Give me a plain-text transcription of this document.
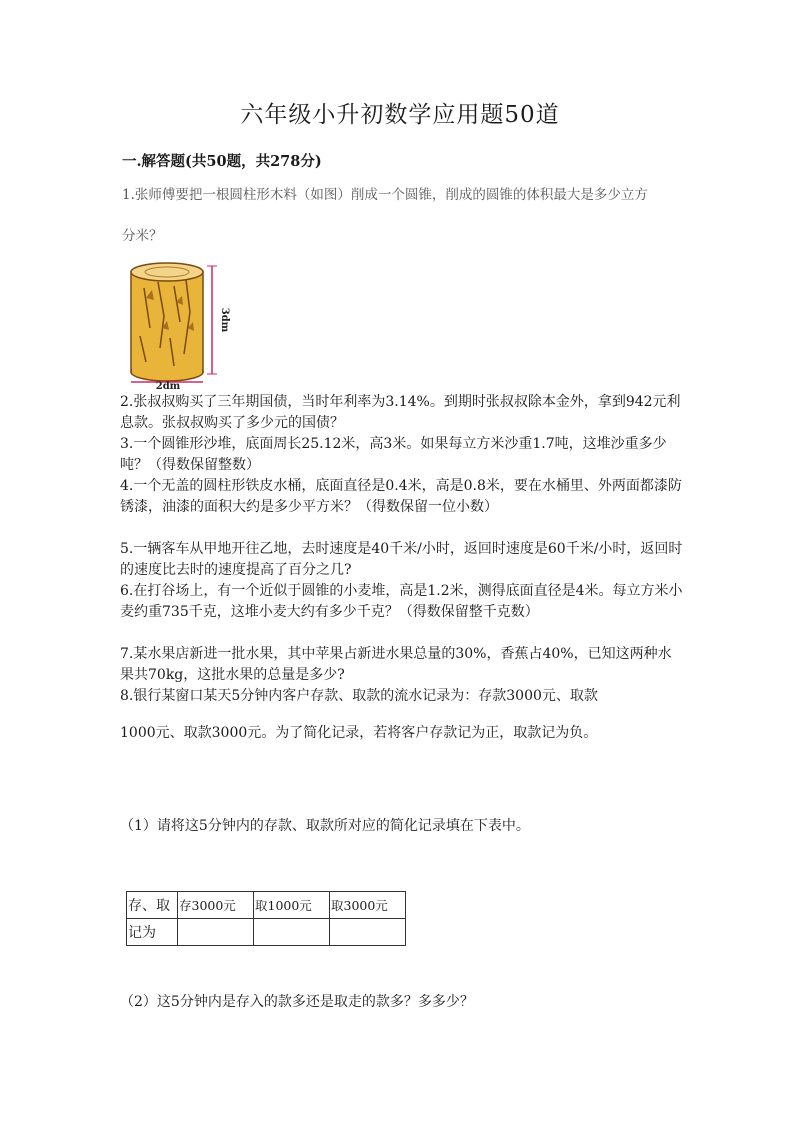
六年级小升初数学应用题50道
一.解答题(共50题，共278分)
1.张师傅要把一根圆柱形木料（如图）削成一个圆锥，削成的圆锥的体积最大是多少立方
分米？
3dm
2dm
2.张叔叔购买了三年期国债，当时年利率为3.14%。到期时张叔叔除本金外，拿到942元利息款。张叔叔购买了多少元的国债？
3.一个圆锥形沙堆，底面周长25.12米，高3米。如果每立方米沙重1.7吨，这堆沙重多少吨？（得数保留整数）
4.一个无盖的圆柱形铁皮水桶，底面直径是0.4米，高是0.8米，要在水桶里、外两面都漆防锈漆，油漆的面积大约是多少平方米？（得数保留一位小数）
5.一辆客车从甲地开往乙地，去时速度是40千米/小时，返回时速度是60千米/小时，返回时的速度比去时的速度提高了百分之几?
6.在打谷场上，有一个近似于圆锥的小麦堆，高是1.2米，测得底面直径是4米。每立方米小麦约重735千克，这堆小麦大约有多少千克？（得数保留整千克数）
7.某水果店新进一批水果，其中苹果占新进水果总量的30%，香蕉占40%，已知这两种水果共70kg，这批水果的总量是多少?
8.银行某窗口某天5分钟内客户存款、取款的流水记录为：存款3000元、取款
1000元、取款3000元。为了简化记录，若将客户存款记为正，取款记为负。
（1）请将这5分钟内的存款、取款所对应的简化记录填在下表中。
存、取	存3000元	取1000元	取3000元
记为			
（2）这5分钟内是存入的款多还是取走的款多？多多少？
